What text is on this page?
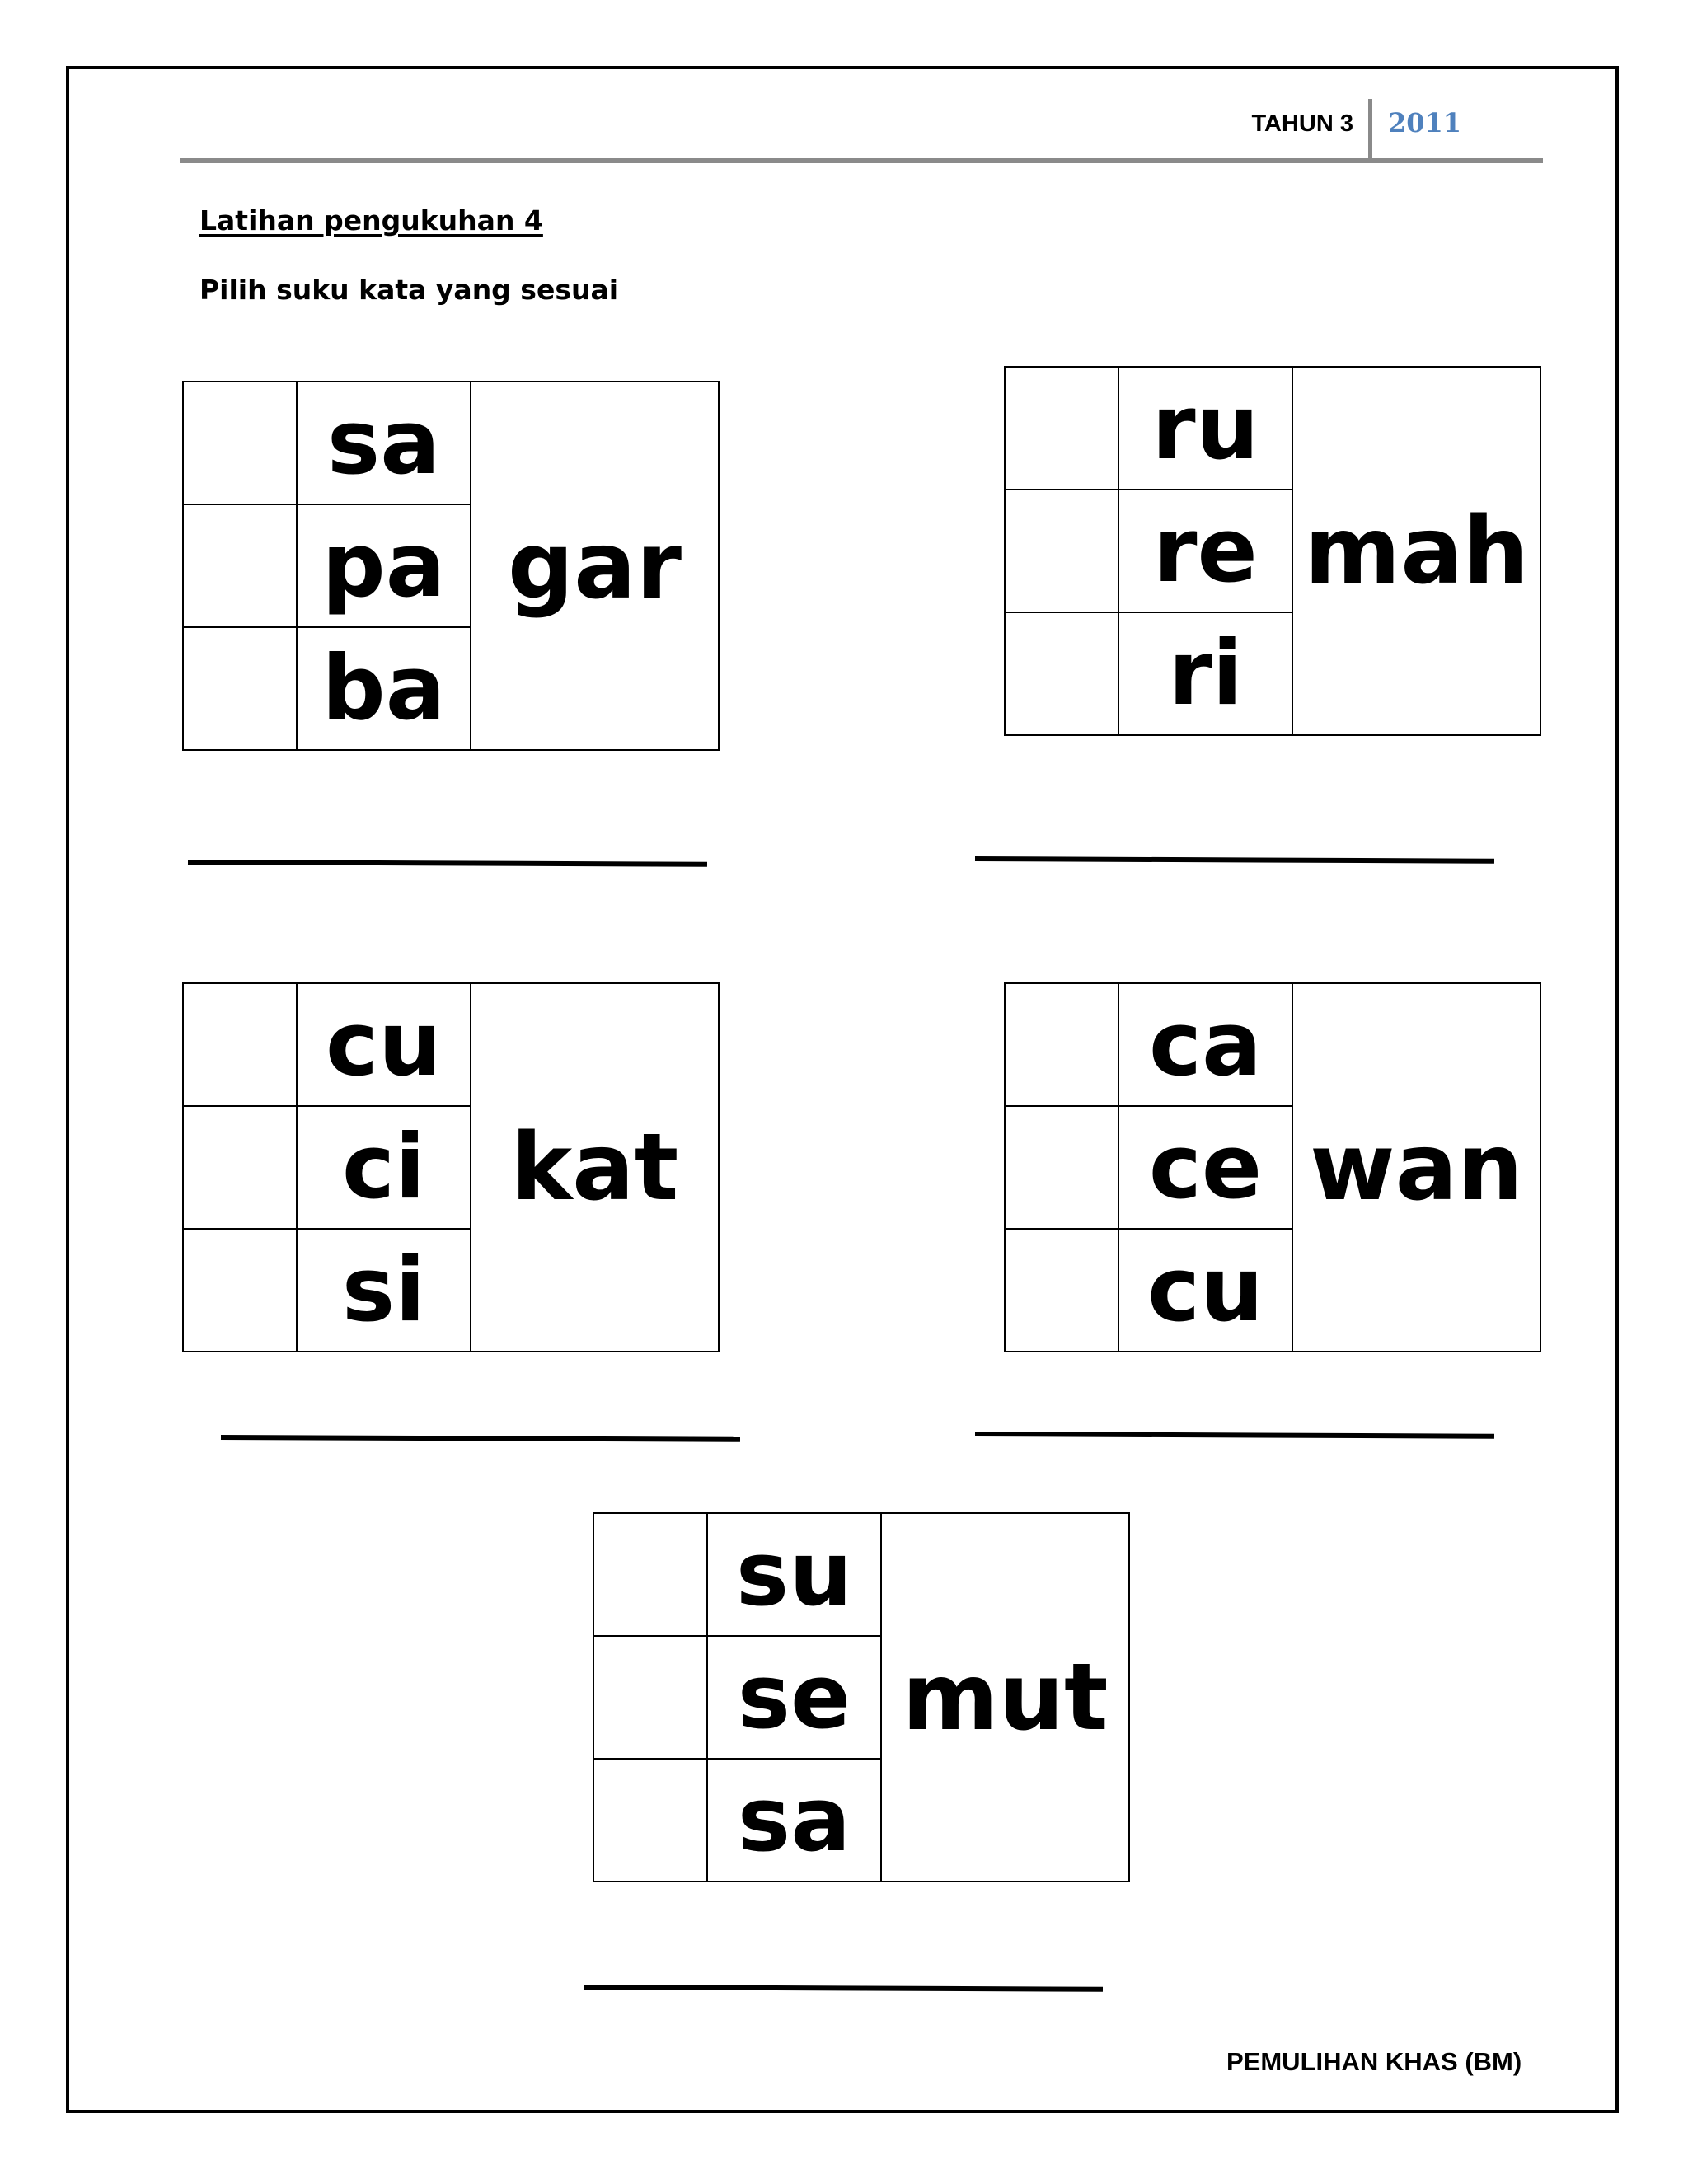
TAHUN 3 2011
Latihan pengukuhan 4
Pilih suku kata yang sesuai
	sa	gar
	pa	
	ba	
	ru	mah
	re	
	ri	
	cu	kat
	ci	
	si	
	ca	wan
	ce	
	cu	
	su	mut
	se	
	sa	
PEMULIHAN KHAS (BM)
